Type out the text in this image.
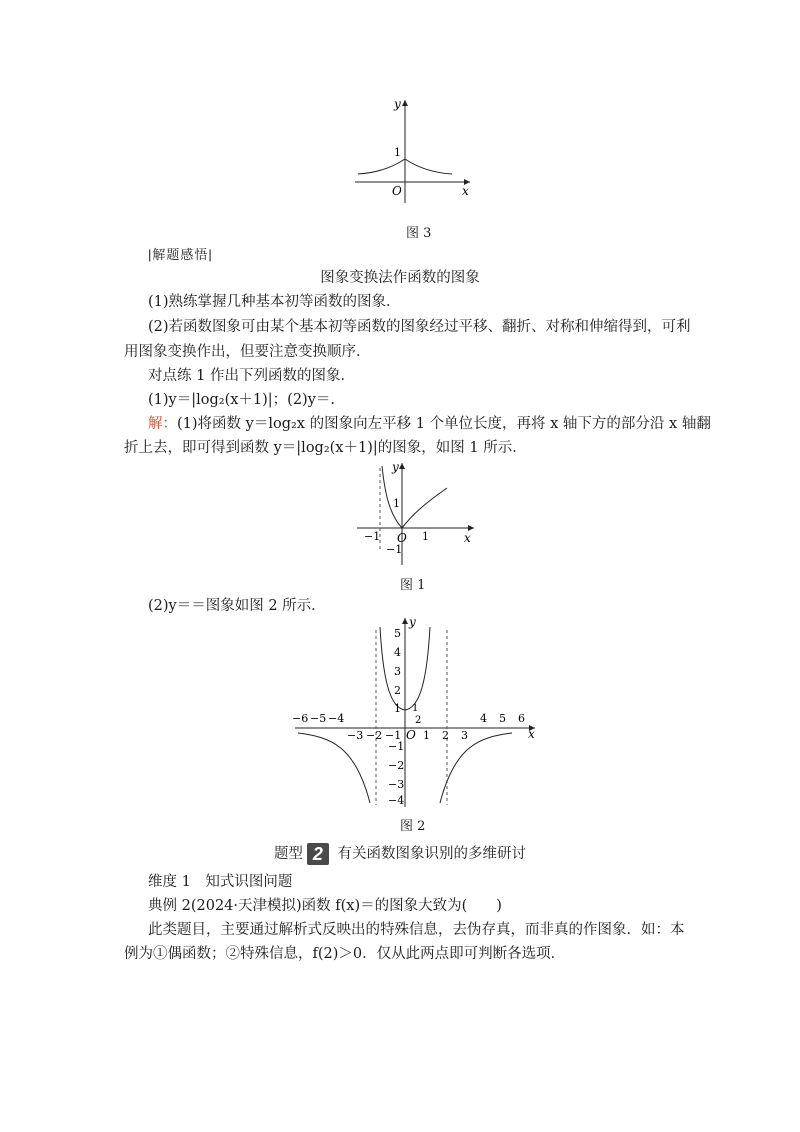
y
x
O
1
图 3
|解题感悟|
图象变换法作函数的图象
(1)熟练掌握几种基本初等函数的图象．
(2)若函数图象可由某个基本初等函数的图象经过平移、翻折、对称和伸缩得到，可利
用图象变换作出，但要注意变换顺序．
对点练 1 作出下列函数的图象．
(1)y＝|log₂(x＋1)|；(2)y＝.
解：(1)将函数 y＝log₂x 的图象向左平移 1 个单位长度，再将 x 轴下方的部分沿 x 轴翻
折上去，即可得到函数 y＝|log₂(x＋1)|的图象，如图 1 所示．
y
x
O
−1	1
1
−1
图 1
(2)y＝＝图象如图 2 所示．
y
x
O
−6 −5 −4	4 5 6
−3 −2 −1 1 2 3
5
4
3
2
1
−1
−2
−3
−4
1
2
图 2
题型 2 有关函数图象识别的多维研讨
维度 1　知式识图问题
典例 2(2024·天津模拟)函数 f(x)＝的图象大致为(　　)
此类题目，主要通过解析式反映出的特殊信息，去伪存真，而非真的作图象．如：本
例为①偶函数；②特殊信息，f(2)＞0．仅从此两点即可判断各选项．
